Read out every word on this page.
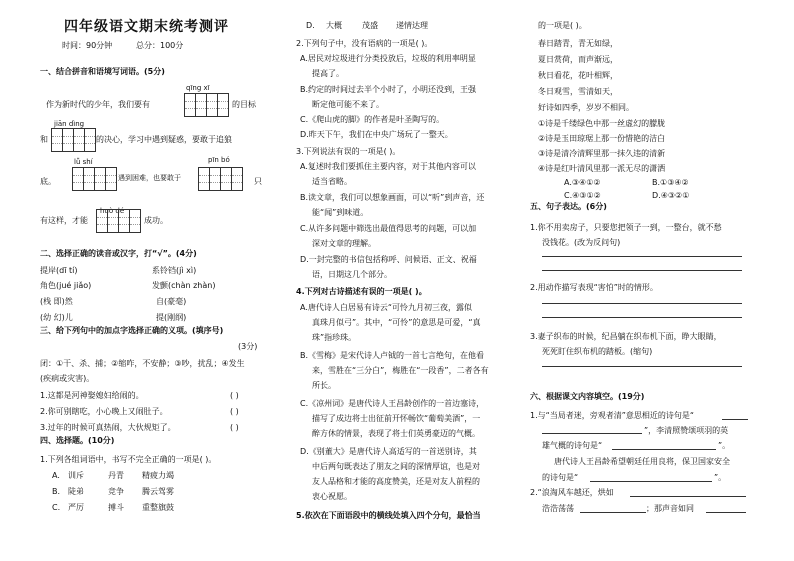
四年级语文期末统考测评
时间：90分钟	总分：100分
一、结合拼音和语境写词语。(5分)
qīng xī
作为新时代的少年，我们要有	的目标
jiān dìng
和	的决心，学习中遇到疑惑，要敢于追狼
lǚ shí	pīn bó
底。	遇到困难，也要敢于	只
huò dé
有这样，才能	成功。
二、选择正确的读音或汉字，打“√”。(4分)
提岸(dī tí)	系铃铛(jì xì)
角色(jué jiǎo)	发颤(chàn zhàn)
(栈 即)然	自(豪毫)
(幼 幻)儿	提(刚纲)
三、给下列句中的加点字选择正确的义项。(填序号)
(3分)
闭：①干、杀、捕；②缩咋，不安静；③吵，扰乱；④发生
(疾病或灾害)。
1.这都是河神娶媳妇给闹的。	( )
2.你可别瞎吃，小心晚上又闹肚子。	( )
3.过年的时候可真热闹，大伙规矩了。	( )
四、选择题。(10分)
1.下列各组词语中，书写不完全正确的一项是( )。
A. 训斥	丹青 精疲力竭
B. 陡弟	竞争 腾云驾雾
C. 严厉	搏斗 重整旗鼓
D. 大概	茂盛 递情达理
2.下列句子中，没有语病的一项是( )。
A.居民对垃圾进行分类投放后，垃圾的利用率明显
提高了。
B.约定的时间过去半个小时了，小明还没到，王强
断定他可能不来了。
C.《爬山虎的脚》的作者是叶圣陶写的。
D.昨天下午，我们在中央广场玩了一整天。
3.下列说法有误的一项是( )。
A.复述时我们要抓住主要内容，对于其他内容可以
适当省略。
B.读文章，我们可以想象画面，可以“听”到声音，还
能“闻”到味道。
C.从许多问题中筛选出最值得思考的问题，可以加
深对文章的理解。
D.一封完整的书信包括称呼、问候语、正文、祝福
语，日期这几个部分。
4.下列对古诗描述有误的一项是( )。
A.唐代诗人白居易有诗云“可怜九月初三夜，露似
真珠月似弓”。其中，“可怜”的意思是可爱，“真
珠”指珍珠。
B.《雪梅》是宋代诗人卢钺的一首七言绝句，在他看
来，雪胜在“三分白”，梅胜在“一段香”，二者各有
所长。
C.《凉州词》是唐代诗人王昌龄创作的一首边塞诗，
描写了成边将士出征前开怀畅饮“葡萄美酒”，一
醉方休的情景，表现了将士们英勇豪迈的气概。
D.《别董大》是唐代诗人高适写的一首送别诗，其
中后两句既表达了朋友之间的深情厚谊，也是对
友人品格和才能的高度赞美，还是对友人前程的
衷心祝愿。
5.依次在下面语段中的横线处填入四个分句，最恰当
的一项是( )。
春日踏青，青无如绿，
夏日赏荷，而声渐远，
秋日看花，花叶相辉，
冬日观雪，雪清如天，
好诗如四季，岁岁不相同。
①诗是千缕绿色中那一丝虚幻的朦胧
②诗是玉田琼琚上那一份惜艳的洁白
③诗是清冷清辉里那一抹久违的清新
④诗是红叶清风里那一派无尽的潇洒
A.③④①②	B.①③④②
C.④③①②	D.④③②①
五、句子表达。(6分)
1.你不用卖房子，只要您把领子一到，一整台，就不愁
没钱花。(改为反问句)
2.用动作描写表现“害怕”时的情形。
3.妻子织布的时候，纪昌躺在织布机下面，睁大眼睛，
死死盯住织布机的踏板。(缩句)
六、根据课文内容填空。(19分)
1.与“当局者迷，旁观者清”意思相近的诗句是“
”，李清照赞颂项羽的英
雄气概的诗句是“	”。
唐代诗人王昌龄希望朝廷任用良将，保卫国家安全
的诗句是“	”。
2.“浪淘风车越还，烘如
浩浩荡荡	；那声音如同
